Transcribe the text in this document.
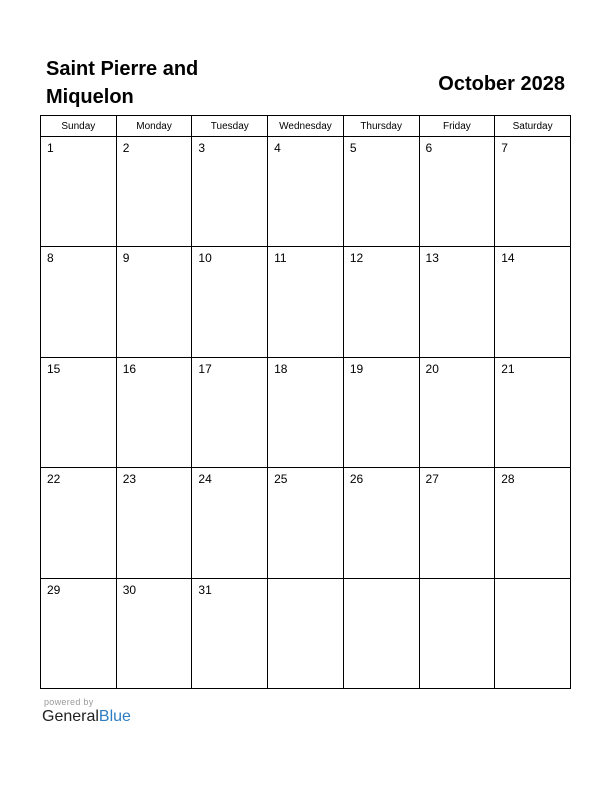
Saint Pierre and Miquelon
October 2028
Sunday	Monday	Tuesday	Wednesday	Thursday	Friday	Saturday

1	2	3	4	5	6	7

8	9	10	11	12	13	14

15	16	17	18	19	20	21

22	23	24	25	26	27	28

29	30	31				

powered by
GeneralBlue
